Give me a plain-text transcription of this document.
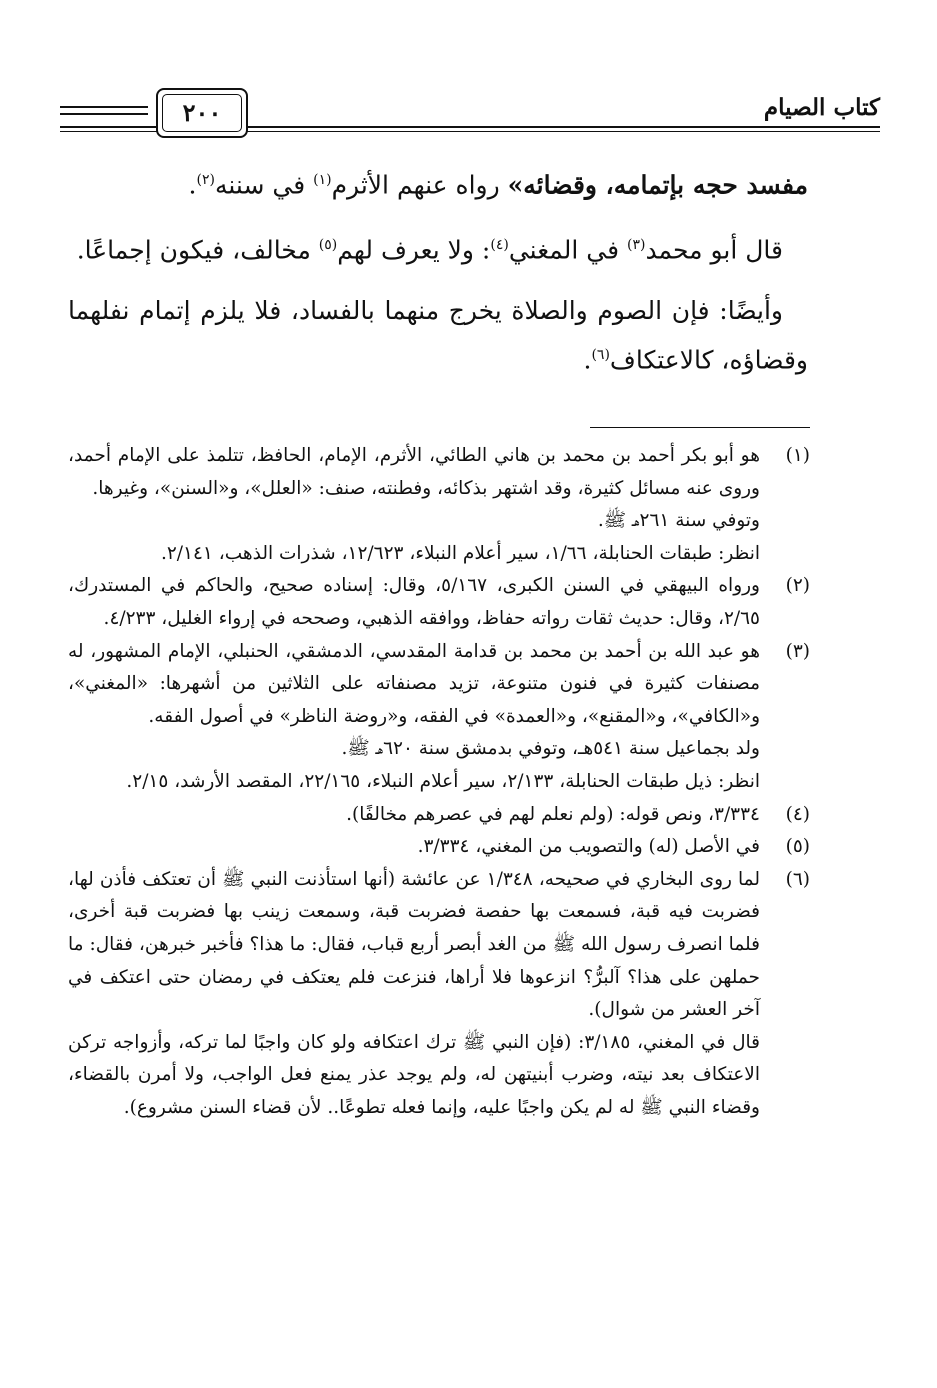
٢٠٠	كتاب الصيام

مفسد حجه بإتمامه، وقضائه» رواه عنهم الأثرم$^{(١)}$ في سننه$^{(٢)}$.

 قال أبو محمد$^{(٣)}$ في المغني$^{(٤)}$: ولا يعرف لهم$^{(٥)}$ مخالف، فيكون إجماعًا.

 وأيضًا: فإن الصوم والصلاة يخرج منهما بالفساد، فلا يلزم إتمام نفلهما وقضاؤه، كالاعتكاف$^{(٦)}$.

(١)
هو أبو بكر أحمد بن محمد بن هاني الطائي، الأثرم، الإمام، الحافظ، تتلمذ على الإمام أحمد، وروى عنه مسائل كثيرة، وقد اشتهر بذكائه، وفطنته، صنف: «العلل»، و«السنن»، وغيرها.
وتوفي سنة ٢٦١هـ ﷺ.
انظر: طبقات الحنابلة، ١/٦٦، سير أعلام النبلاء، ١٢/٦٢٣، شذرات الذهب، ٢/١٤١.
(٢)
ورواه البيهقي في السنن الكبرى، ٥/١٦٧، وقال: إسناده صحيح، والحاكم في المستدرك، ٢/٦٥، وقال: حديث ثقات رواته حفاظ، ووافقه الذهبي، وصححه في إرواء الغليل، ٤/٢٣٣.
(٣)
هو عبد الله بن أحمد بن محمد بن قدامة المقدسي، الدمشقي، الحنبلي، الإمام المشهور، له مصنفات كثيرة في فنون متنوعة، تزيد مصنفاته على الثلاثين من أشهرها: «المغني»، و«الكافي»، و«المقنع»، و«العمدة» في الفقه، و«روضة الناظر» في أصول الفقه.
ولد بجماعيل سنة ٥٤١هـ، وتوفي بدمشق سنة ٦٢٠هـ ﷺ.
انظر: ذيل طبقات الحنابلة، ٢/١٣٣، سير أعلام النبلاء، ٢٢/١٦٥، المقصد الأرشد، ٢/١٥.
(٤)
٣/٣٣٤، ونص قوله: (ولم نعلم لهم في عصرهم مخالفًا).
(٥)
في الأصل (له) والتصويب من المغني، ٣/٣٣٤.
(٦)
لما روى البخاري في صحيحه، ١/٣٤٨ عن عائشة (أنها استأذنت النبي ﷺ أن تعتكف فأذن لها، فضربت فيه قبة، فسمعت بها حفصة فضربت قبة، وسمعت زينب بها فضربت قبة أخرى، فلما انصرف رسول الله ﷺ من الغد أبصر أربع قباب، فقال: ما هذا؟ فأخبر خبرهن، فقال: ما حملهن على هذا؟ آلبرُّ؟ انزعوها فلا أراها، فنزعت فلم يعتكف في رمضان حتى اعتكف في آخر العشر من شوال).
قال في المغني، ٣/١٨٥: (فإن النبي ﷺ ترك اعتكافه ولو كان واجبًا لما تركه، وأزواجه تركن الاعتكاف بعد نيته، وضرب أبنيتهن له، ولم يوجد عذر يمنع فعل الواجب، ولا أمرن بالقضاء، وقضاء النبي ﷺ له لم يكن واجبًا عليه، وإنما فعله تطوعًا.. لأن قضاء السنن مشروع).
